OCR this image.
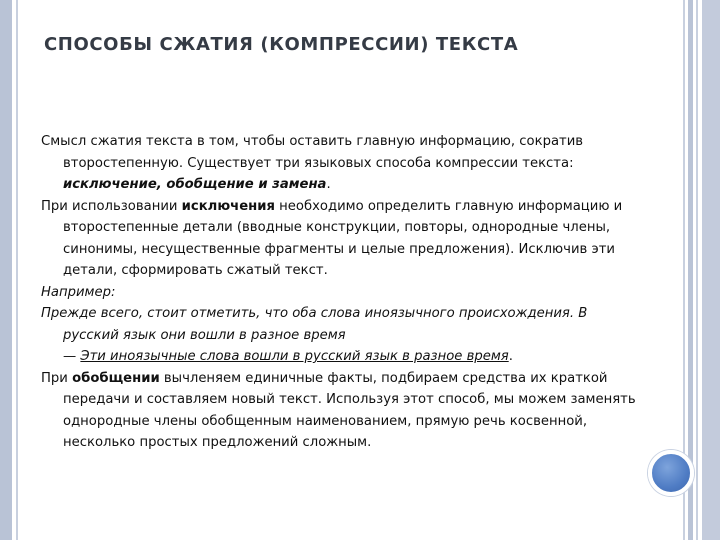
СПОСОБЫ СЖАТИЯ (КОМПРЕССИИ) ТЕКСТА

Смысл сжатия текста в том, чтобы оставить главную информацию, сократив второстепенную. Существует три языковых способа компрессии текста: исключение, обобщение и замена.

При использовании исключения необходимо определить главную информацию и второстепенные детали (вводные конструкции, повторы, однородные члены, синонимы, несущественные фрагменты и целые предложения). Исключив эти детали, сформировать сжатый текст.

Например:

Прежде всего, стоит отметить, что оба слова иноязычного происхождения. В русский язык они вошли в разное время
— Эти иноязычные слова вошли в русский язык в разное время.

При обобщении вычленяем единичные факты, подбираем средства их краткой передачи и составляем новый текст. Используя этот способ, мы можем заменять однородные члены обобщенным наименованием, прямую речь косвенной, несколько простых предложений сложным.
